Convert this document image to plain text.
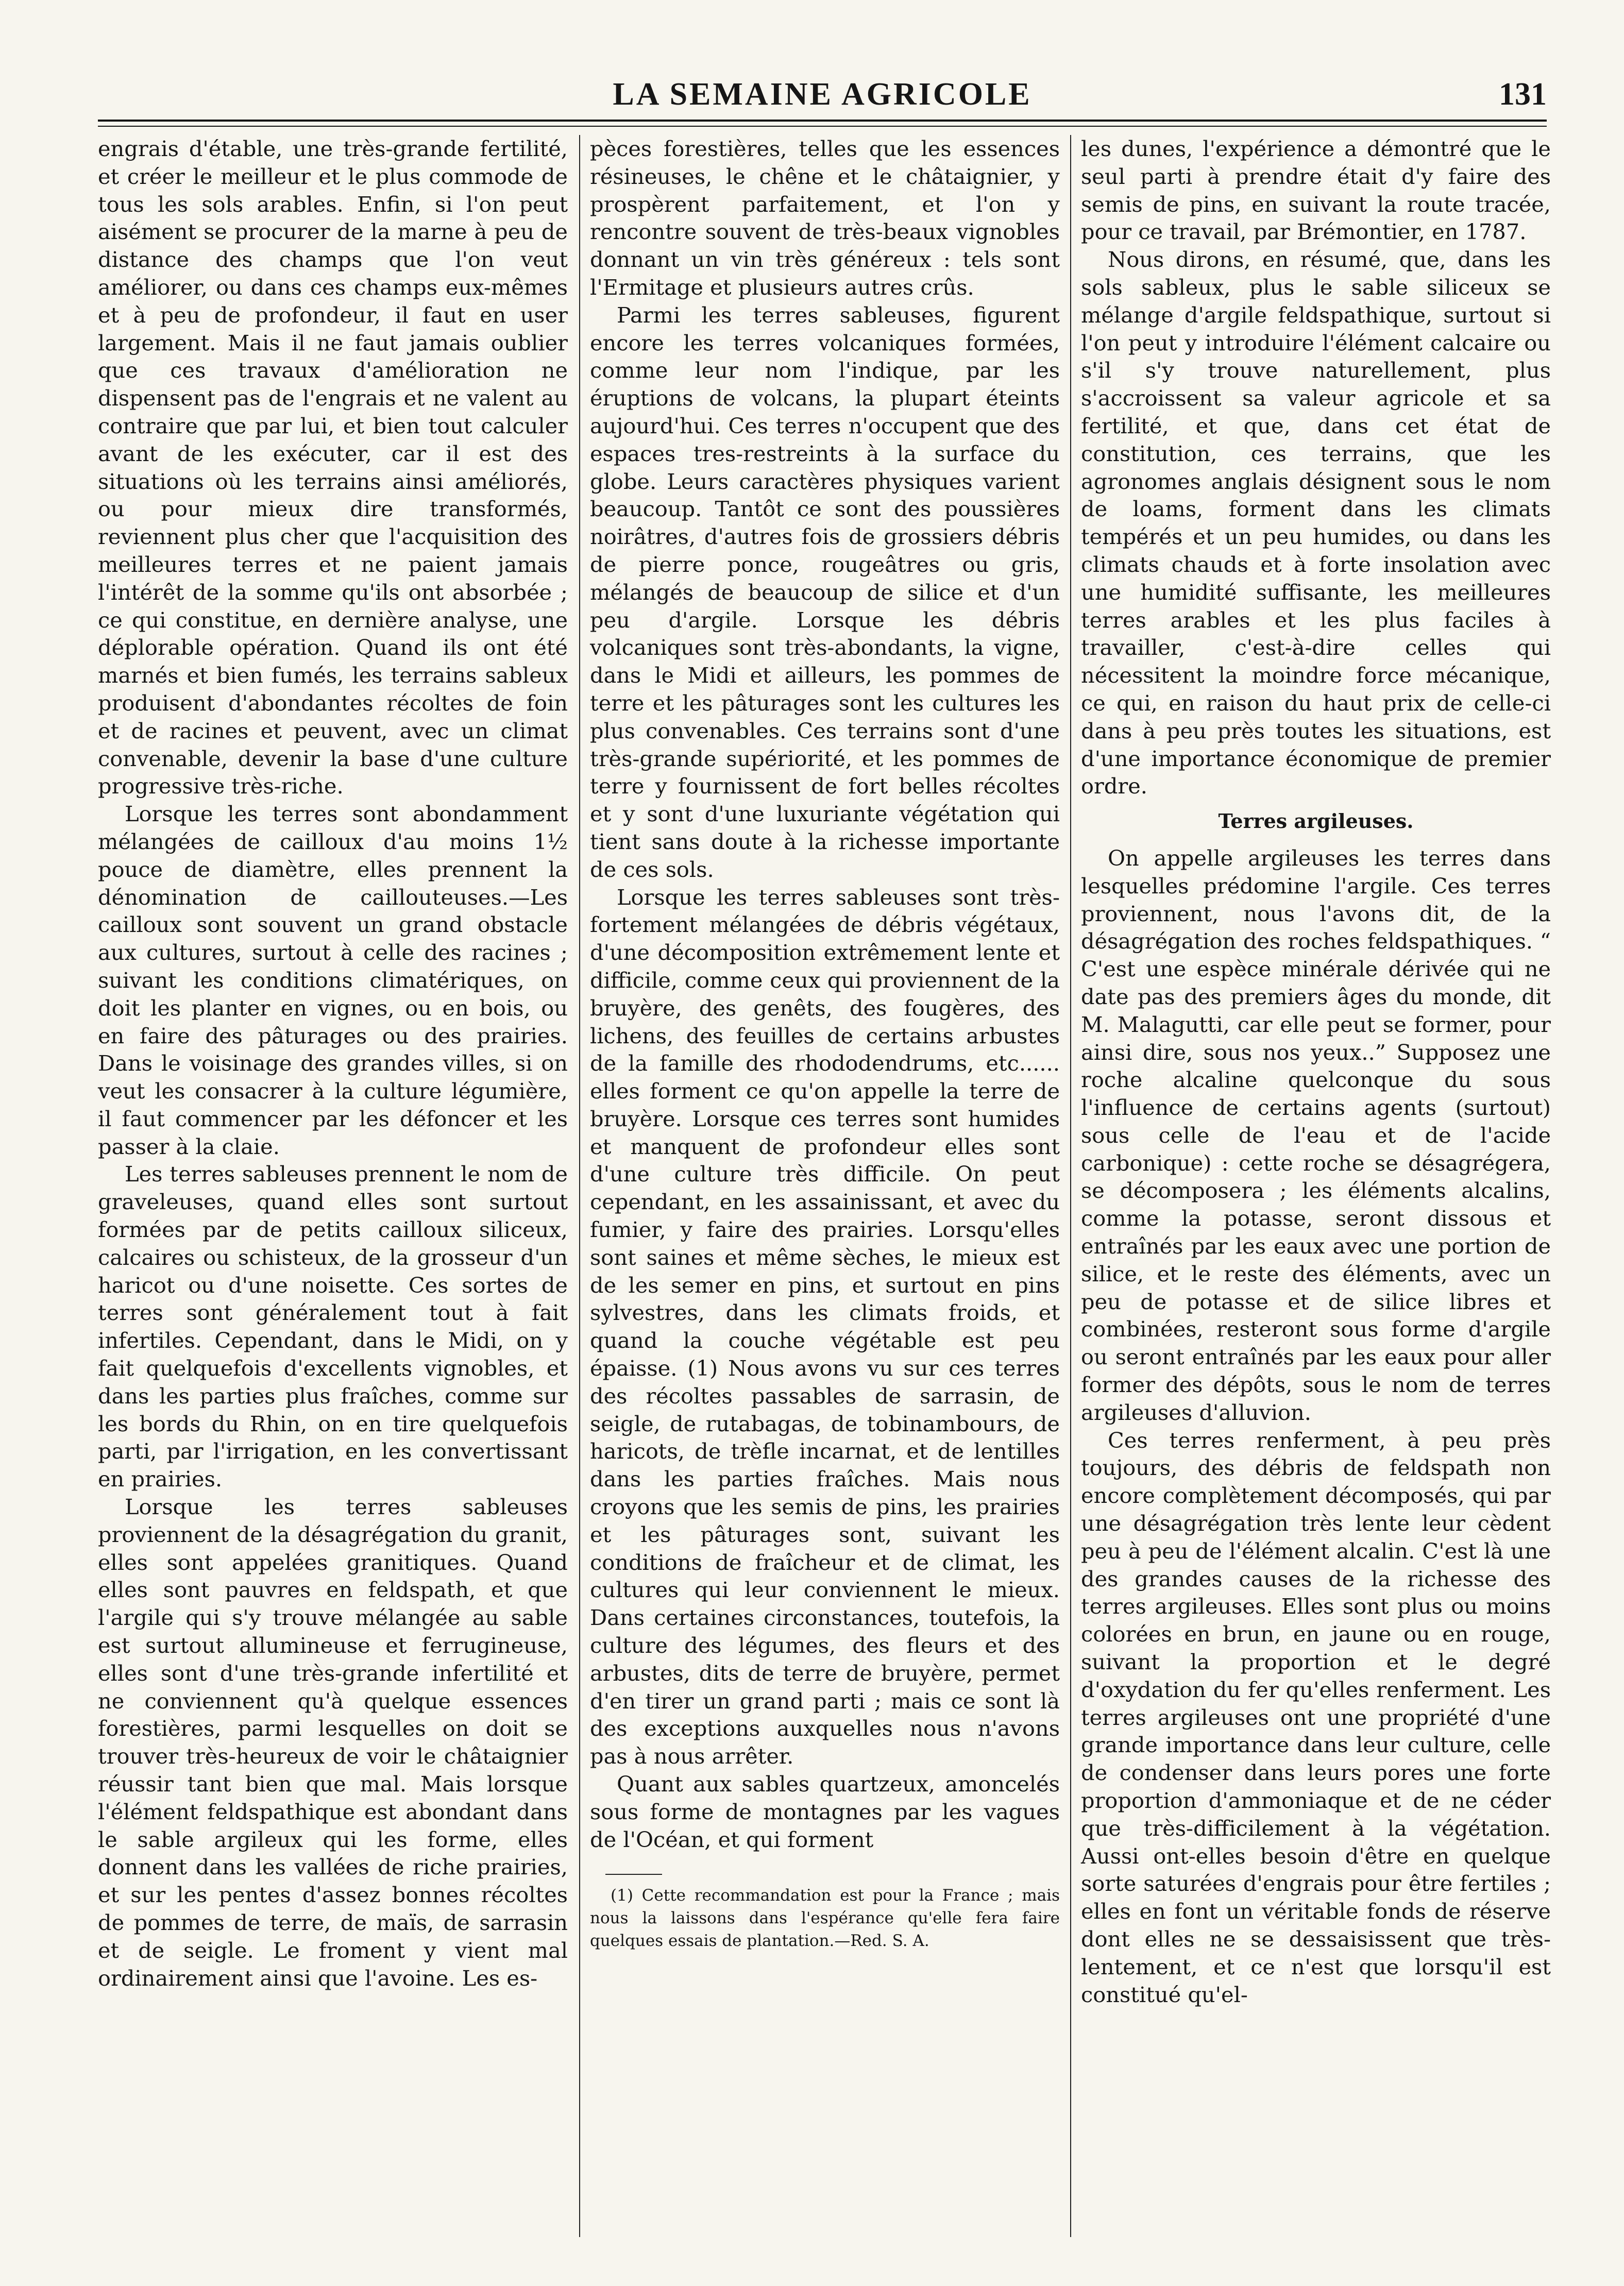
LA SEMAINE AGRICOLE	131

engrais d'étable, une très-grande fertilité, et créer le meilleur et le plus commode de tous les sols arables. Enfin, si l'on peut aisément se procurer de la marne à peu de distance des champs que l'on veut améliorer, ou dans ces champs eux-mêmes et à peu de profondeur, il faut en user largement. Mais il ne faut jamais oublier que ces travaux d'amélioration ne dispensent pas de l'engrais et ne valent au contraire que par lui, et bien tout calculer avant de les exécuter, car il est des situations où les terrains ainsi améliorés, ou pour mieux dire transformés, reviennent plus cher que l'acquisition des meilleures terres et ne paient jamais l'intérêt de la somme qu'ils ont absorbée ; ce qui constitue, en dernière analyse, une déplorable opération. Quand ils ont été marnés et bien fumés, les terrains sableux produisent d'abondantes récoltes de foin et de racines et peuvent, avec un climat convenable, devenir la base d'une culture progressive très-riche.

Lorsque les terres sont abondamment mélangées de cailloux d'au moins 1½ pouce de diamètre, elles prennent la dénomination de caillouteuses.—Les cailloux sont souvent un grand obstacle aux cultures, surtout à celle des racines ; suivant les conditions climatériques, on doit les planter en vignes, ou en bois, ou en faire des pâturages ou des prairies. Dans le voisinage des grandes villes, si on veut les consacrer à la culture légumière, il faut commencer par les défoncer et les passer à la claie.

Les terres sableuses prennent le nom de graveleuses, quand elles sont surtout formées par de petits cailloux siliceux, calcaires ou schisteux, de la grosseur d'un haricot ou d'une noisette. Ces sortes de terres sont généralement tout à fait infertiles. Cependant, dans le Midi, on y fait quelquefois d'excellents vignobles, et dans les parties plus fraîches, comme sur les bords du Rhin, on en tire quelquefois parti, par l'irrigation, en les convertissant en prairies.

Lorsque les terres sableuses proviennent de la désagrégation du granit, elles sont appelées granitiques. Quand elles sont pauvres en feldspath, et que l'argile qui s'y trouve mélangée au sable est surtout allumineuse et ferrugineuse, elles sont d'une très-grande infertilité et ne conviennent qu'à quelque essences forestières, parmi lesquelles on doit se trouver très-heureux de voir le châtaignier réussir tant bien que mal. Mais lorsque l'élément feldspathique est abondant dans le sable argileux qui les forme, elles donnent dans les vallées de riche prairies, et sur les pentes d'assez bonnes récoltes de pommes de terre, de maïs, de sarrasin et de seigle. Le froment y vient mal ordinairement ainsi que l'avoine. Les es-

pèces forestières, telles que les essences résineuses, le chêne et le châtaignier, y prospèrent parfaitement, et l'on y rencontre souvent de très-beaux vignobles donnant un vin très généreux : tels sont l'Ermitage et plusieurs autres crûs.

Parmi les terres sableuses, figurent encore les terres volcaniques formées, comme leur nom l'indique, par les éruptions de volcans, la plupart éteints aujourd'hui. Ces terres n'occupent que des espaces tres-restreints à la surface du globe. Leurs caractères physiques varient beaucoup. Tantôt ce sont des poussières noirâtres, d'autres fois de grossiers débris de pierre ponce, rougeâtres ou gris, mélangés de beaucoup de silice et d'un peu d'argile. Lorsque les débris volcaniques sont très-abondants, la vigne, dans le Midi et ailleurs, les pommes de terre et les pâturages sont les cultures les plus convenables. Ces terrains sont d'une très-grande supériorité, et les pommes de terre y fournissent de fort belles récoltes et y sont d'une luxuriante végétation qui tient sans doute à la richesse importante de ces sols.

Lorsque les terres sableuses sont très-fortement mélangées de débris végétaux, d'une décomposition extrêmement lente et difficile, comme ceux qui proviennent de la bruyère, des genêts, des fougères, des lichens, des feuilles de certains arbustes de la famille des rhododendrums, etc...... elles forment ce qu'on appelle la terre de bruyère. Lorsque ces terres sont humides et manquent de profondeur elles sont d'une culture très difficile. On peut cependant, en les assainissant, et avec du fumier, y faire des prairies. Lorsqu'elles sont saines et même sèches, le mieux est de les semer en pins, et surtout en pins sylvestres, dans les climats froids, et quand la couche végétable est peu épaisse. (1) Nous avons vu sur ces terres des récoltes passables de sarrasin, de seigle, de rutabagas, de tobinambours, de haricots, de trèfle incarnat, et de lentilles dans les parties fraîches. Mais nous croyons que les semis de pins, les prairies et les pâturages sont, suivant les conditions de fraîcheur et de climat, les cultures qui leur conviennent le mieux. Dans certaines circonstances, toutefois, la culture des légumes, des fleurs et des arbustes, dits de terre de bruyère, permet d'en tirer un grand parti ; mais ce sont là des exceptions auxquelles nous n'avons pas à nous arrêter.

Quant aux sables quartzeux, amoncelés sous forme de montagnes par les vagues de l'Océan, et qui forment

(1) Cette recommandation est pour la France ; mais nous la laissons dans l'espérance qu'elle fera faire quelques essais de plantation.—Red. S. A.

les dunes, l'expérience a démontré que le seul parti à prendre était d'y faire des semis de pins, en suivant la route tracée, pour ce travail, par Brémontier, en 1787.

Nous dirons, en résumé, que, dans les sols sableux, plus le sable siliceux se mélange d'argile feldspathique, surtout si l'on peut y introduire l'élément calcaire ou s'il s'y trouve naturellement, plus s'accroissent sa valeur agricole et sa fertilité, et que, dans cet état de constitution, ces terrains, que les agronomes anglais désignent sous le nom de loams, forment dans les climats tempérés et un peu humides, ou dans les climats chauds et à forte insolation avec une humidité suffisante, les meilleures terres arables et les plus faciles à travailler, c'est-à-dire celles qui nécessitent la moindre force mécanique, ce qui, en raison du haut prix de celle-ci dans à peu près toutes les situations, est d'une importance économique de premier ordre.

Terres argileuses.

On appelle argileuses les terres dans lesquelles prédomine l'argile. Ces terres proviennent, nous l'avons dit, de la désagrégation des roches feldspathiques. “ C'est une espèce minérale dérivée qui ne date pas des premiers âges du monde, dit M. Malagutti, car elle peut se former, pour ainsi dire, sous nos yeux..” Supposez une roche alcaline quelconque du sous l'influence de certains agents (surtout) sous celle de l'eau et de l'acide carbonique) : cette roche se désagrégera, se décomposera ; les éléments alcalins, comme la potasse, seront dissous et entraînés par les eaux avec une portion de silice, et le reste des éléments, avec un peu de potasse et de silice libres et combinées, resteront sous forme d'argile ou seront entraînés par les eaux pour aller former des dépôts, sous le nom de terres argileuses d'alluvion.

Ces terres renferment, à peu près toujours, des débris de feldspath non encore complètement décomposés, qui par une désagrégation très lente leur cèdent peu à peu de l'élément alcalin. C'est là une des grandes causes de la richesse des terres argileuses. Elles sont plus ou moins colorées en brun, en jaune ou en rouge, suivant la proportion et le degré d'oxydation du fer qu'elles renferment. Les terres argileuses ont une propriété d'une grande importance dans leur culture, celle de condenser dans leurs pores une forte proportion d'ammoniaque et de ne céder que très-difficilement à la végétation. Aussi ont-elles besoin d'être en quelque sorte saturées d'engrais pour être fertiles ; elles en font un véritable fonds de réserve dont elles ne se dessaisissent que très-lentement, et ce n'est que lorsqu'il est constitué qu'el-
